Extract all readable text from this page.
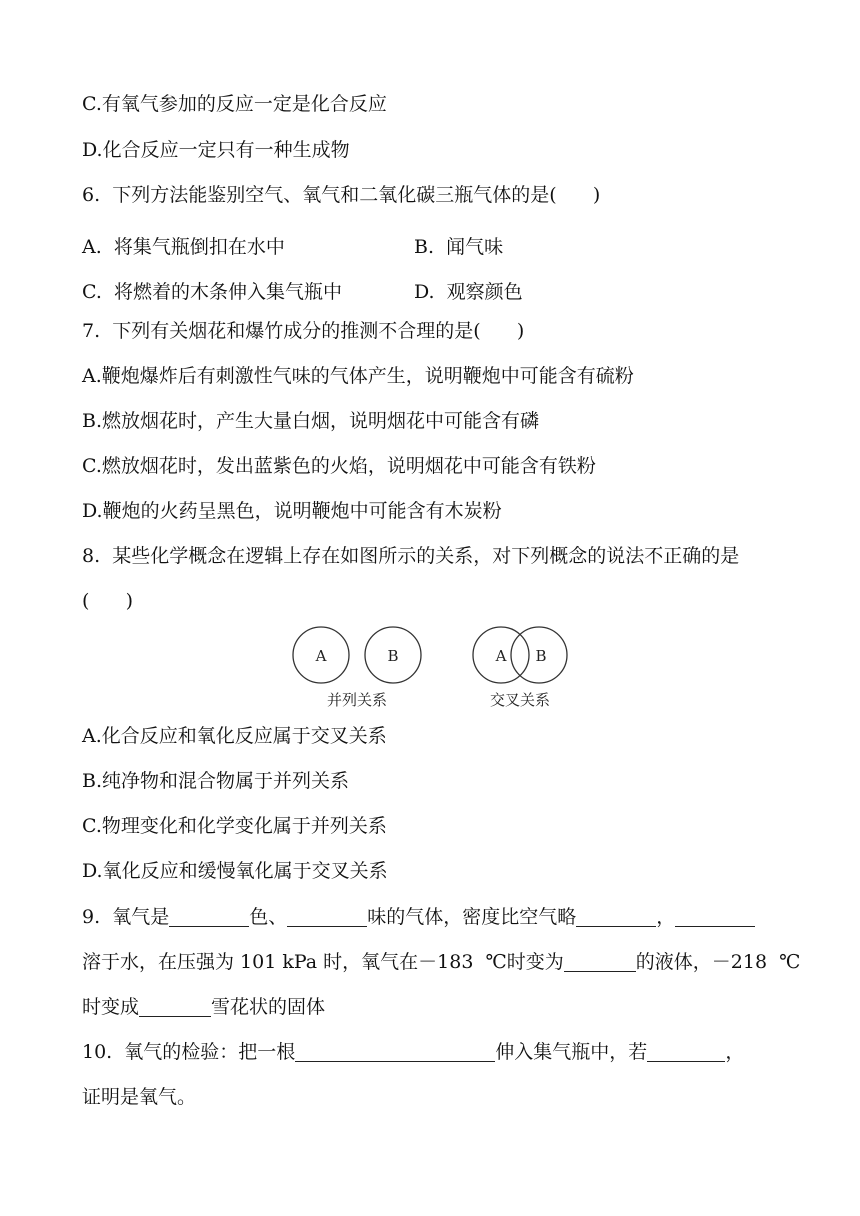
C.有氧气参加的反应一定是化合反应
D.化合反应一定只有一种生成物
6.  下列方法能鉴别空气、氧气和二氧化碳三瓶气体的是(      )
A.  将集气瓶倒扣在水中	B.  闻气味
C.  将燃着的木条伸入集气瓶中	D.  观察颜色
7.  下列有关烟花和爆竹成分的推测不合理的是(      )
A.鞭炮爆炸后有刺激性气味的气体产生，说明鞭炮中可能含有硫粉
B.燃放烟花时，产生大量白烟，说明烟花中可能含有磷
C.燃放烟花时，发出蓝紫色的火焰，说明烟花中可能含有铁粉
D.鞭炮的火药呈黑色，说明鞭炮中可能含有木炭粉
8.  某些化学概念在逻辑上存在如图所示的关系，对下列概念的说法不正确的是
(      )
A	B
并列关系
A B
交叉关系
A.化合反应和氧化反应属于交叉关系
B.纯净物和混合物属于并列关系
C.物理变化和化学变化属于并列关系
D.氧化反应和缓慢氧化属于交叉关系
9.  氧气是	色、	味的气体，密度比空气略	，
溶于水，在压强为 101 kPa 时，氧气在－183  ℃时变为	的液体，－218  ℃
时变成	雪花状的固体
10.  氧气的检验：把一根	伸入集气瓶中，若	，
证明是氧气。
